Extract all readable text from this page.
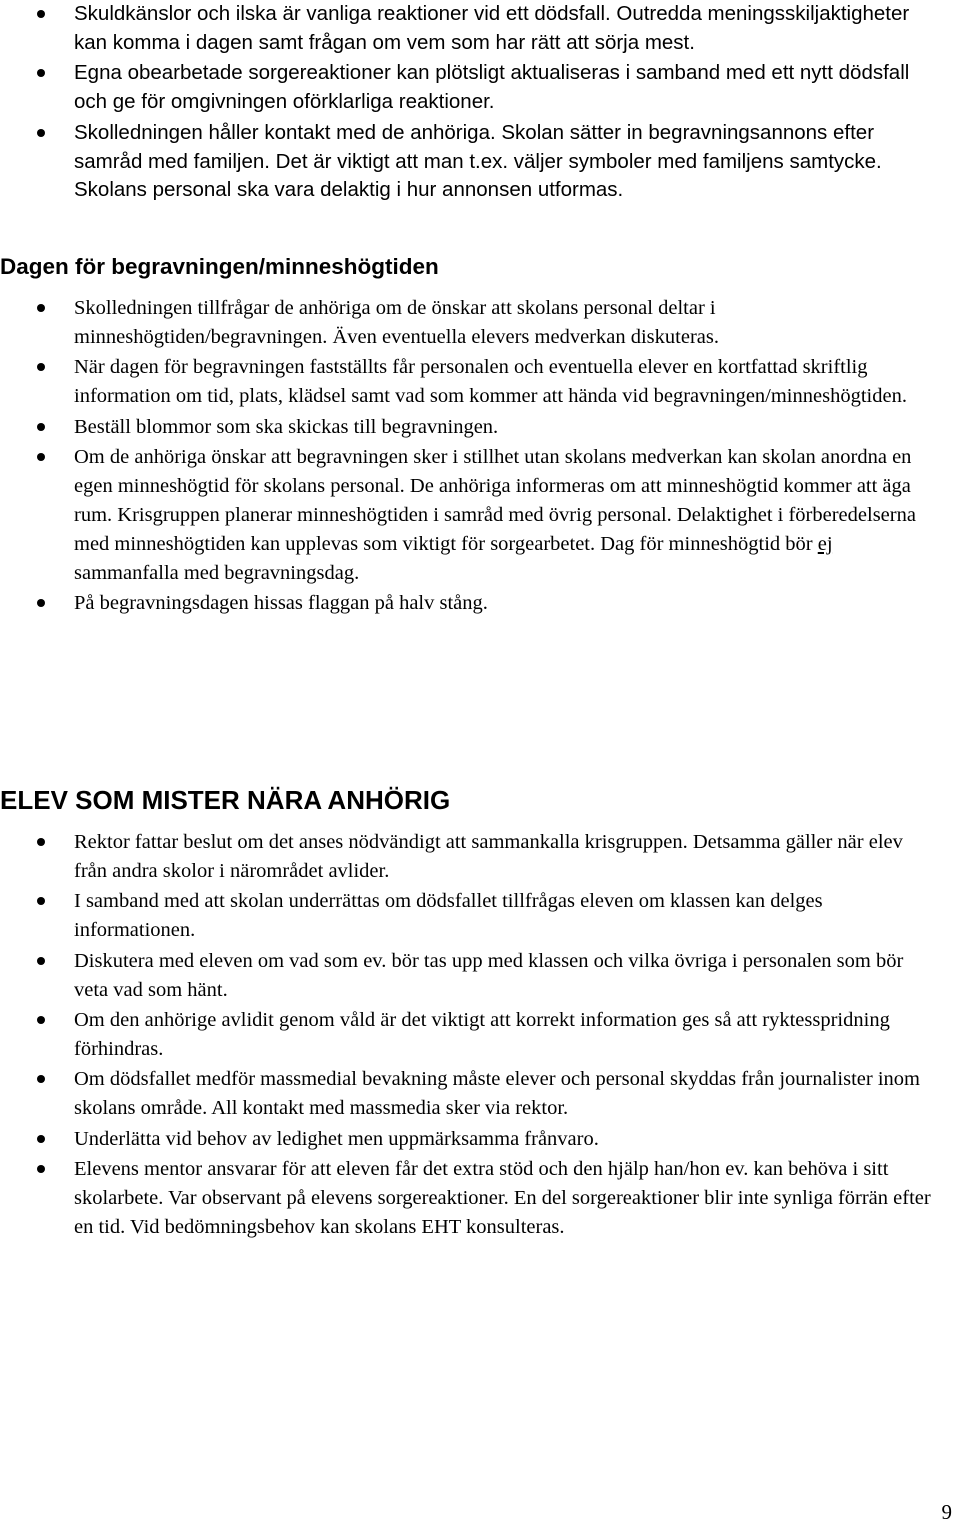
Skuldkänslor och ilska är vanliga reaktioner vid ett dödsfall. Outredda meningsskiljaktigheter kan komma i dagen samt frågan om vem som har rätt att sörja mest.
Egna obearbetade sorgereaktioner kan plötsligt aktualiseras i samband med ett nytt dödsfall och ge för omgivningen oförklarliga reaktioner.
Skolledningen håller kontakt med de anhöriga. Skolan sätter in begravningsannons efter samråd med familjen. Det är viktigt att man t.ex. väljer symboler med familjens samtycke. Skolans personal ska vara delaktig i hur annonsen utformas.
Dagen för begravningen/minneshögtiden
Skolledningen tillfrågar de anhöriga om de önskar att skolans personal deltar i minneshögtiden/begravningen. Även eventuella elevers medverkan diskuteras.
När dagen för begravningen fastställts får personalen och eventuella elever en kortfattad skriftlig information om tid, plats, klädsel samt vad som kommer att hända vid begravningen/minneshögtiden.
Beställ blommor som ska skickas till begravningen.
Om de anhöriga önskar att begravningen sker i stillhet utan skolans medverkan kan skolan anordna en egen minneshögtid för skolans personal. De anhöriga informeras om att minneshögtid kommer att äga rum. Krisgruppen planerar minneshögtiden i samråd med övrig personal. Delaktighet i förberedelserna med minneshögtiden kan upplevas som viktigt för sorgearbetet. Dag för minneshögtid bör ej sammanfalla med begravningsdag.
På begravningsdagen hissas flaggan på halv stång.
ELEV SOM MISTER NÄRA ANHÖRIG
Rektor fattar beslut om det anses nödvändigt att sammankalla krisgruppen. Detsamma gäller när elev från andra skolor i närområdet avlider.
I samband med att skolan underrättas om dödsfallet tillfrågas eleven om klassen kan delges informationen.
Diskutera med eleven om vad som ev. bör tas upp med klassen och vilka övriga i personalen som bör veta vad som hänt.
Om den anhörige avlidit genom våld är det viktigt att korrekt information ges så att ryktesspridning förhindras.
Om dödsfallet medför massmedial bevakning måste elever och personal skyddas från journalister inom skolans område. All kontakt med massmedia sker via rektor.
Underlätta vid behov av ledighet men uppmärksamma frånvaro.
Elevens mentor ansvarar för att eleven får det extra stöd och den hjälp han/hon ev. kan behöva i sitt skolarbete. Var observant på elevens sorgereaktioner. En del sorgereaktioner blir inte synliga förrän efter en tid. Vid bedömningsbehov kan skolans EHT konsulteras.
9
